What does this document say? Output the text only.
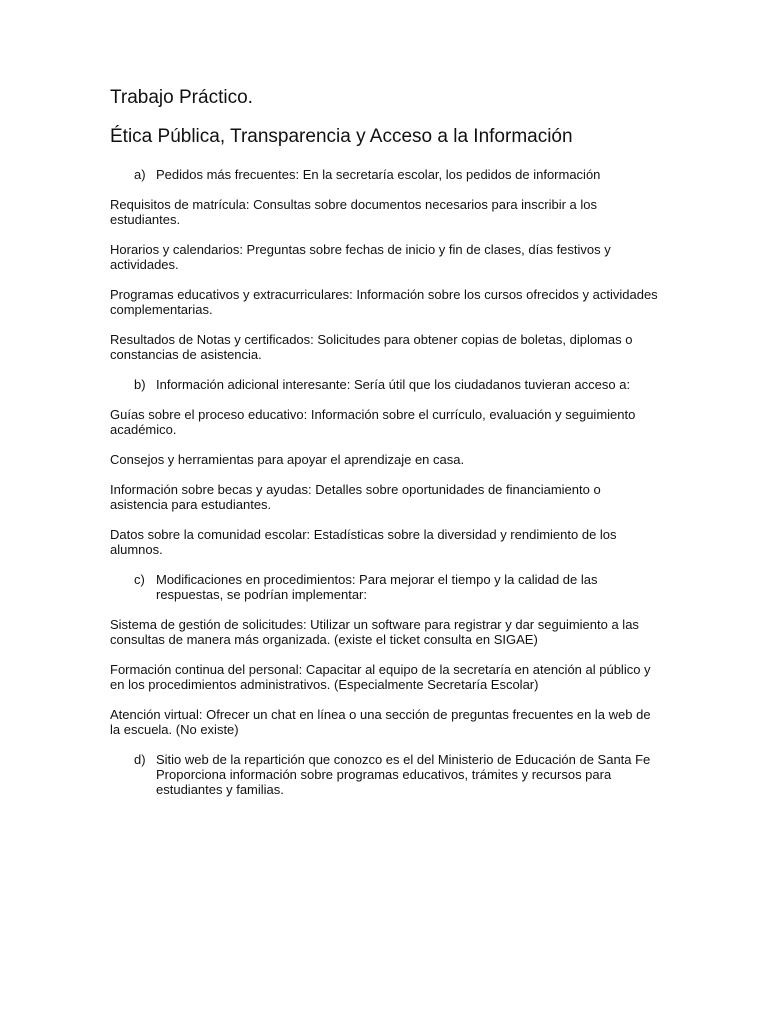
Trabajo Práctico.
Ética Pública, Transparencia y Acceso a la Información
a) Pedidos más frecuentes: En la secretaría escolar, los pedidos de información

Requisitos de matrícula: Consultas sobre documentos necesarios para inscribir a los estudiantes.

Horarios y calendarios: Preguntas sobre fechas de inicio y fin de clases, días festivos y actividades.

Programas educativos y extracurriculares: Información sobre los cursos ofrecidos y actividades complementarias.

Resultados de Notas y certificados: Solicitudes para obtener copias de boletas, diplomas o constancias de asistencia.

b) Información adicional interesante: Sería útil que los ciudadanos tuvieran acceso a:

Guías sobre el proceso educativo: Información sobre el currículo, evaluación y seguimiento académico.

Consejos y herramientas para apoyar el aprendizaje en casa.

Información sobre becas y ayudas: Detalles sobre oportunidades de financiamiento o asistencia para estudiantes.

Datos sobre la comunidad escolar: Estadísticas sobre la diversidad y rendimiento de los alumnos.

c) Modificaciones en procedimientos: Para mejorar el tiempo y la calidad de las respuestas, se podrían implementar:

Sistema de gestión de solicitudes: Utilizar un software para registrar y dar seguimiento a las consultas de manera más organizada. (existe el ticket consulta en SIGAE)

Formación continua del personal: Capacitar al equipo de la secretaría en atención al público y en los procedimientos administrativos. (Especialmente Secretaría Escolar)

Atención virtual: Ofrecer un chat en línea o una sección de preguntas frecuentes en la web de la escuela. (No existe)

d) Sitio web de la repartición que conozco es el del Ministerio de Educación de Santa Fe Proporciona información sobre programas educativos, trámites y recursos para estudiantes y familias.
